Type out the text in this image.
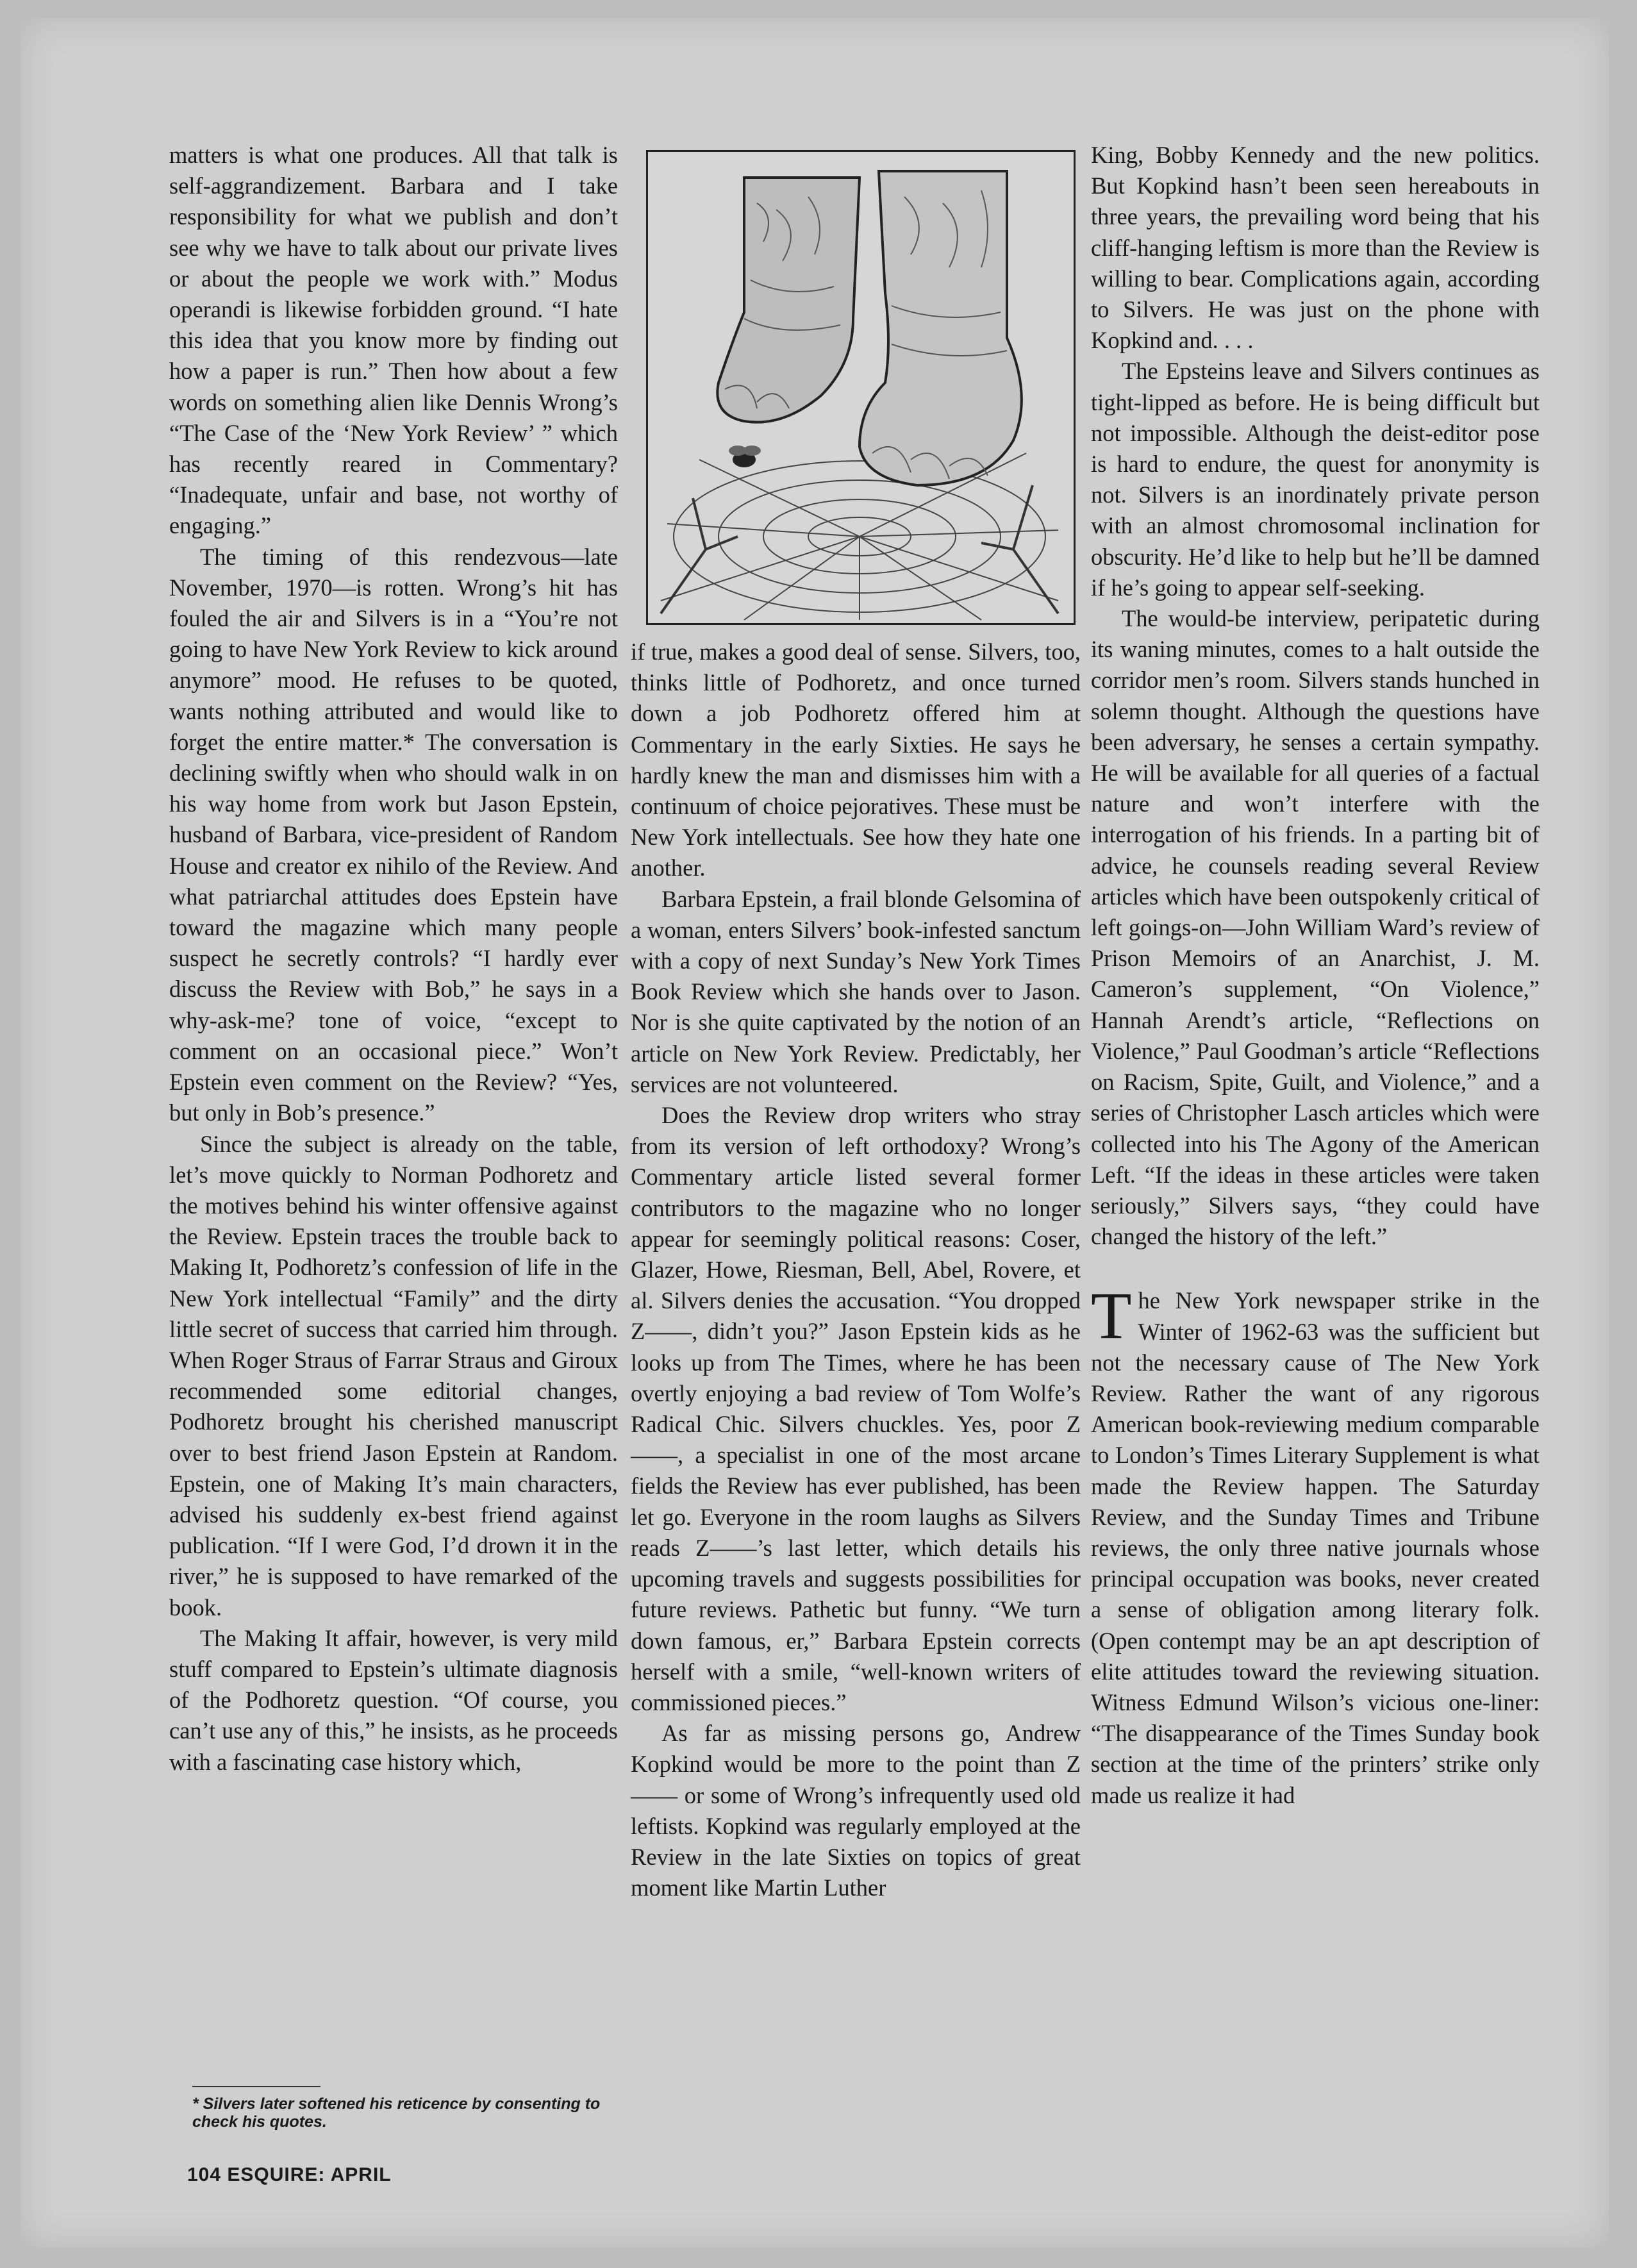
matters is what one produces. All that talk is self-aggrandizement. Barbara and I take responsibility for what we publish and don’t see why we have to talk about our private lives or about the people we work with.” Modus operandi is likewise forbidden ground. “I hate this idea that you know more by finding out how a paper is run.” Then how about a few words on something alien like Dennis Wrong’s “The Case of the ‘New York Review’ ” which has recently reared in Commentary? “Inadequate, unfair and base, not worthy of engaging.”

The timing of this rendezvous—late November, 1970—is rotten. Wrong’s hit has fouled the air and Silvers is in a “You’re not going to have New York Review to kick around anymore” mood. He refuses to be quoted, wants nothing attributed and would like to forget the entire matter.* The conversation is declining swiftly when who should walk in on his way home from work but Jason Epstein, husband of Barbara, vice-president of Random House and creator ex nihilo of the Review. And what patriarchal attitudes does Epstein have toward the magazine which many people suspect he secretly controls? “I hardly ever discuss the Review with Bob,” he says in a why-ask-me? tone of voice, “except to comment on an occasional piece.” Won’t Epstein even comment on the Review? “Yes, but only in Bob’s presence.”

Since the subject is already on the table, let’s move quickly to Norman Podhoretz and the motives behind his winter offensive against the Review. Epstein traces the trouble back to Making It, Podhoretz’s confession of life in the New York intellectual “Family” and the dirty little secret of success that carried him through. When Roger Straus of Farrar Straus and Giroux recommended some editorial changes, Podhoretz brought his cherished manuscript over to best friend Jason Epstein at Random. Epstein, one of Making It’s main characters, advised his suddenly ex-best friend against publication. “If I were God, I’d drown it in the river,” he is supposed to have remarked of the book.

The Making It affair, however, is very mild stuff compared to Epstein’s ultimate diagnosis of the Podhoretz question. “Of course, you can’t use any of this,” he insists, as he proceeds with a fascinating case history which,

if true, makes a good deal of sense. Silvers, too, thinks little of Podhoretz, and once turned down a job Podhoretz offered him at Commentary in the early Sixties. He says he hardly knew the man and dismisses him with a continuum of choice pejoratives. These must be New York intellectuals. See how they hate one another.

Barbara Epstein, a frail blonde Gelsomina of a woman, enters Silvers’ book-infested sanctum with a copy of next Sunday’s New York Times Book Review which she hands over to Jason. Nor is she quite captivated by the notion of an article on New York Review. Predictably, her services are not volunteered.

Does the Review drop writers who stray from its version of left orthodoxy? Wrong’s Commentary article listed several former contributors to the magazine who no longer appear for seemingly political reasons: Coser, Glazer, Howe, Riesman, Bell, Abel, Rovere, et al. Silvers denies the accusation. “You dropped Z——, didn’t you?” Jason Epstein kids as he looks up from The Times, where he has been overtly enjoying a bad review of Tom Wolfe’s Radical Chic. Silvers chuckles. Yes, poor Z——, a specialist in one of the most arcane fields the Review has ever published, has been let go. Everyone in the room laughs as Silvers reads Z——’s last letter, which details his upcoming travels and suggests possibilities for future reviews. Pathetic but funny. “We turn down famous, er,” Barbara Epstein corrects herself with a smile, “well-known writers of commissioned pieces.”

As far as missing persons go, Andrew Kopkind would be more to the point than Z—— or some of Wrong’s infrequently used old leftists. Kopkind was regularly employed at the Review in the late Sixties on topics of great moment like Martin Luther

King, Bobby Kennedy and the new politics. But Kopkind hasn’t been seen hereabouts in three years, the prevailing word being that his cliff-hanging leftism is more than the Review is willing to bear. Complications again, according to Silvers. He was just on the phone with Kopkind and. . . .

The Epsteins leave and Silvers continues as tight-lipped as before. He is being difficult but not impossible. Although the deist-editor pose is hard to endure, the quest for anonymity is not. Silvers is an inordinately private person with an almost chromosomal inclination for obscurity. He’d like to help but he’ll be damned if he’s going to appear self-seeking.

The would-be interview, peripatetic during its waning minutes, comes to a halt outside the corridor men’s room. Silvers stands hunched in solemn thought. Although the questions have been adversary, he senses a certain sympathy. He will be available for all queries of a factual nature and won’t interfere with the interrogation of his friends. In a parting bit of advice, he counsels reading several Review articles which have been outspokenly critical of left goings-on—John William Ward’s review of Prison Memoirs of an Anarchist, J. M. Cameron’s supplement, “On Violence,” Hannah Arendt’s article, “Reflections on Violence,” Paul Goodman’s article “Reflections on Racism, Spite, Guilt, and Violence,” and a series of Christopher Lasch articles which were collected into his The Agony of the American Left. “If the ideas in these articles were taken seriously,” Silvers says, “they could have changed the history of the left.”

The New York newspaper strike in the Winter of 1962-63 was the sufficient but not the necessary cause of The New York Review. Rather the want of any rigorous American book-reviewing medium comparable to London’s Times Literary Supplement is what made the Review happen. The Saturday Review, and the Sunday Times and Tribune reviews, the only three native journals whose principal occupation was books, never created a sense of obligation among literary folk. (Open contempt may be an apt description of elite attitudes toward the reviewing situation. Witness Edmund Wilson’s vicious one-liner: “The disappearance of the Times Sunday book section at the time of the printers’ strike only made us realize it had

* Silvers later softened his reticence by consenting to check his quotes.
104 ESQUIRE: APRIL
